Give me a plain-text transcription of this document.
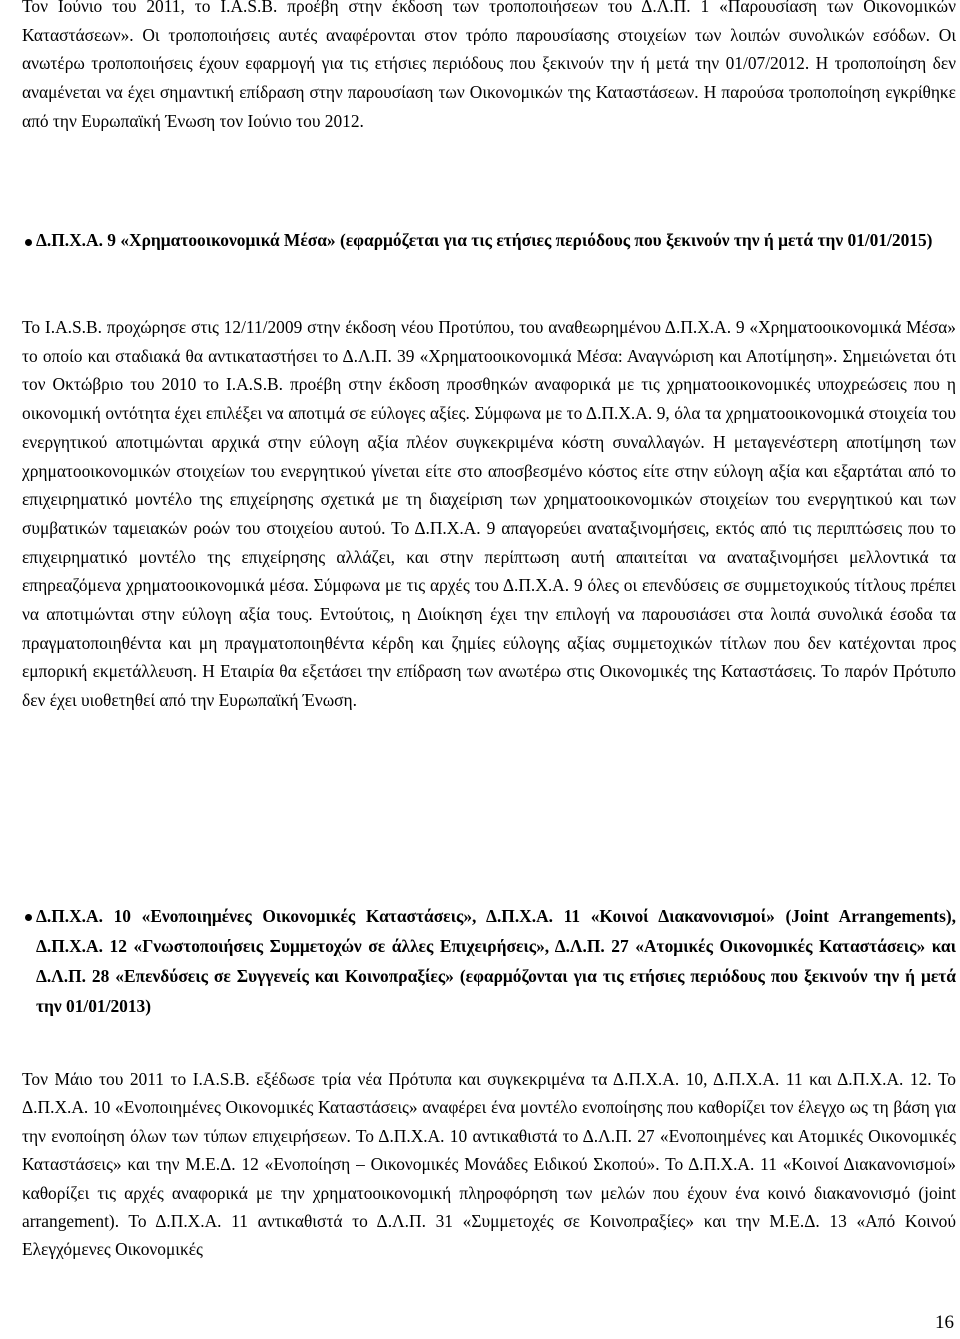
Τον Ιούνιο του 2011, το I.A.S.B. προέβη στην έκδοση των τροποποιήσεων του Δ.Λ.Π. 1 «Παρουσίαση των Οικονομικών Καταστάσεων». Οι τροποποιήσεις αυτές αναφέρονται στον τρόπο παρουσίασης στοιχείων των λοιπών συνολικών εσόδων. Οι ανωτέρω τροποποιήσεις έχουν εφαρμογή για τις ετήσιες περιόδους που ξεκινούν την ή μετά την 01/07/2012. Η τροποποίηση δεν αναμένεται να έχει σημαντική επίδραση στην παρουσίαση των Οικονομικών της Καταστάσεων. Η παρούσα τροποποίηση εγκρίθηκε από την Ευρωπαϊκή Ένωση τον Ιούνιο του 2012.

Δ.Π.Χ.Α. 9 «Χρηματοοικονομικά Μέσα» (εφαρμόζεται για τις ετήσιες περιόδους που ξεκινούν την ή μετά την 01/01/2015)

Το I.A.S.B. προχώρησε στις 12/11/2009 στην έκδοση νέου Προτύπου, του αναθεωρημένου Δ.Π.Χ.Α. 9 «Χρηματοοικονομικά Μέσα» το οποίο και σταδιακά θα αντικαταστήσει το Δ.Λ.Π. 39 «Χρηματοοικονομικά Μέσα: Αναγνώριση και Αποτίμηση». Σημειώνεται ότι τον Οκτώβριο του 2010 το I.A.S.B. προέβη στην έκδοση προσθηκών αναφορικά με τις χρηματοοικονομικές υποχρεώσεις που η οικονομική οντότητα έχει επιλέξει να αποτιμά σε εύλογες αξίες. Σύμφωνα με το Δ.Π.Χ.Α. 9, όλα τα χρηματοοικονομικά στοιχεία του ενεργητικού αποτιμώνται αρχικά στην εύλογη αξία πλέον συγκεκριμένα κόστη συναλλαγών. Η μεταγενέστερη αποτίμηση των χρηματοοικονομικών στοιχείων του ενεργητικού γίνεται είτε στο αποσβεσμένο κόστος είτε στην εύλογη αξία και εξαρτάται από το επιχειρηματικό μοντέλο της επιχείρησης σχετικά με τη διαχείριση των χρηματοοικονομικών στοιχείων του ενεργητικού και των συμβατικών ταμειακών ροών του στοιχείου αυτού. Το Δ.Π.Χ.Α. 9 απαγορεύει αναταξινομήσεις, εκτός από τις περιπτώσεις που το επιχειρηματικό μοντέλο της επιχείρησης αλλάζει, και στην περίπτωση αυτή απαιτείται να αναταξινομήσει μελλοντικά τα επηρεαζόμενα χρηματοοικονομικά μέσα. Σύμφωνα με τις αρχές του Δ.Π.Χ.Α. 9 όλες οι επενδύσεις σε συμμετοχικούς τίτλους πρέπει να αποτιμώνται στην εύλογη αξία τους. Εντούτοις, η Διοίκηση έχει την επιλογή να παρουσιάσει στα λοιπά συνολικά έσοδα τα πραγματοποιηθέντα και μη πραγματοποιηθέντα κέρδη και ζημίες εύλογης αξίας συμμετοχικών τίτλων που δεν κατέχονται προς εμπορική εκμετάλλευση. Η Εταιρία θα εξετάσει την επίδραση των ανωτέρω στις Οικονομικές της Καταστάσεις. Το παρόν Πρότυπο δεν έχει υιοθετηθεί από την Ευρωπαϊκή Ένωση.

Δ.Π.Χ.Α. 10 «Ενοποιημένες Οικονομικές Καταστάσεις», Δ.Π.Χ.Α. 11 «Κοινοί Διακανονισμοί» (Joint Arrangements), Δ.Π.Χ.Α. 12 «Γνωστοποιήσεις Συμμετοχών σε άλλες Επιχειρήσεις», Δ.Λ.Π. 27 «Ατομικές Οικονομικές Καταστάσεις» και Δ.Λ.Π. 28 «Επενδύσεις σε Συγγενείς και Κοινοπραξίες» (εφαρμόζονται για τις ετήσιες περιόδους που ξεκινούν την ή μετά την 01/01/2013)

Τον Μάιο του 2011 το I.A.S.B. εξέδωσε τρία νέα Πρότυπα και συγκεκριμένα τα Δ.Π.Χ.Α. 10, Δ.Π.Χ.Α. 11 και Δ.Π.Χ.Α. 12. Το Δ.Π.Χ.Α. 10 «Ενοποιημένες Οικονομικές Καταστάσεις» αναφέρει ένα μοντέλο ενοποίησης που καθορίζει τον έλεγχο ως τη βάση για την ενοποίηση όλων των τύπων επιχειρήσεων. Το Δ.Π.Χ.Α. 10 αντικαθιστά το Δ.Λ.Π. 27 «Ενοποιημένες και Ατομικές Οικονομικές Καταστάσεις» και την Μ.Ε.Δ. 12 «Ενοποίηση – Οικονομικές Μονάδες Ειδικού Σκοπού». Το Δ.Π.Χ.Α. 11 «Κοινοί Διακανονισμοί» καθορίζει τις αρχές αναφορικά με την χρηματοοικονομική πληροφόρηση των μελών που έχουν ένα κοινό διακανονισμό (joint arrangement). Το Δ.Π.Χ.Α. 11 αντικαθιστά το Δ.Λ.Π. 31 «Συμμετοχές σε Κοινοπραξίες» και την Μ.Ε.Δ. 13 «Από Κοινού Ελεγχόμενες Οικονομικές

16
